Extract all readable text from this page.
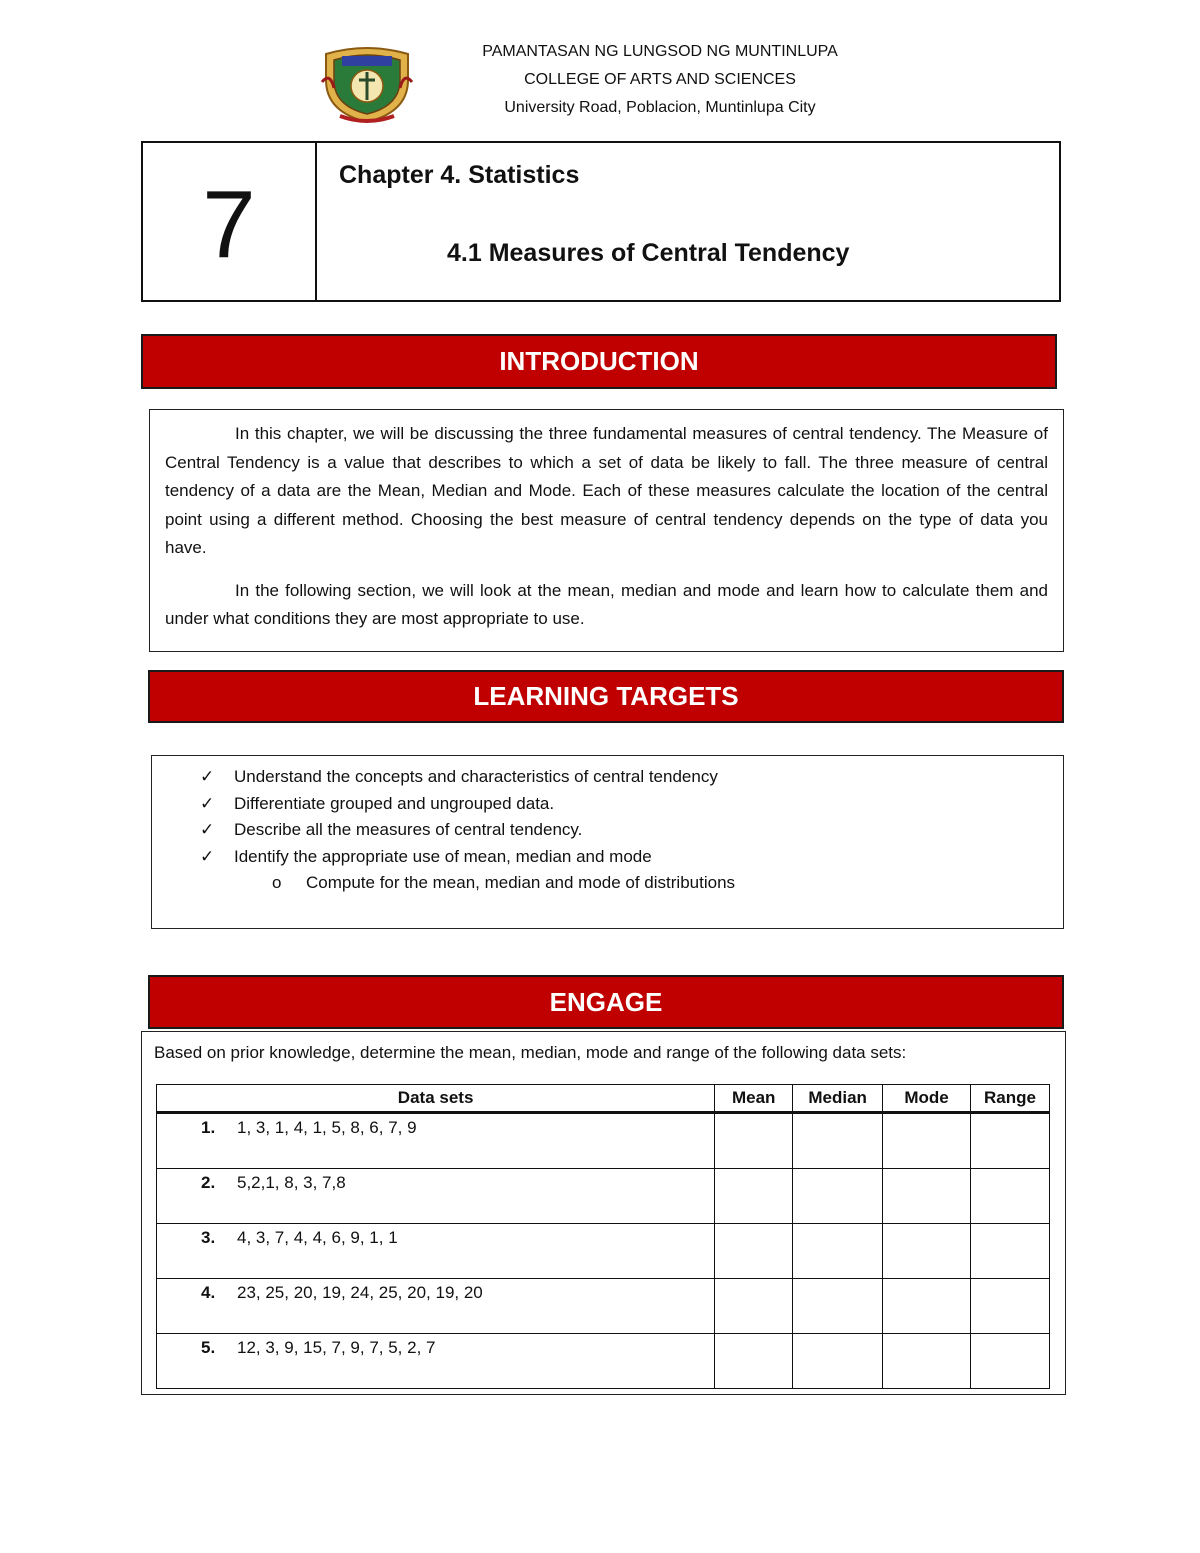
PAMANTASAN NG LUNGSOD NG MUNTINLUPA
COLLEGE OF ARTS AND SCIENCES
University Road, Poblacion, Muntinlupa City
7	Chapter 4. Statistics
4.1 Measures of Central Tendency
INTRODUCTION

In this chapter, we will be discussing the three fundamental measures of central tendency. The Measure of Central Tendency is a value that describes to which a set of data be likely to fall. The three measure of central tendency of a data are the Mean, Median and Mode. Each of these measures calculate the location of the central point using a different method. Choosing the best measure of central tendency depends on the type of data you have.

In the following section, we will look at the mean, median and mode and learn how to calculate them and under what conditions they are most appropriate to use.

LEARNING TARGETS
✓ Understand the concepts and characteristics of central tendency
✓ Differentiate grouped and ungrouped data.
✓ Describe all the measures of central tendency.
✓ Identify the appropriate use of mean, median and mode
o Compute for the mean, median and mode of distributions
ENGAGE
Based on prior knowledge, determine the mean, median, mode and range of the following data sets:
Data sets	Mean	Median	Mode	Range
1. 1, 3, 1, 4, 1, 5, 8, 6, 7, 9				
2. 5,2,1, 8, 3, 7,8				
3. 4, 3, 7, 4, 4, 6, 9, 1, 1				
4. 23, 25, 20, 19, 24, 25, 20, 19, 20				
5. 12, 3, 9, 15, 7, 9, 7, 5, 2, 7				
